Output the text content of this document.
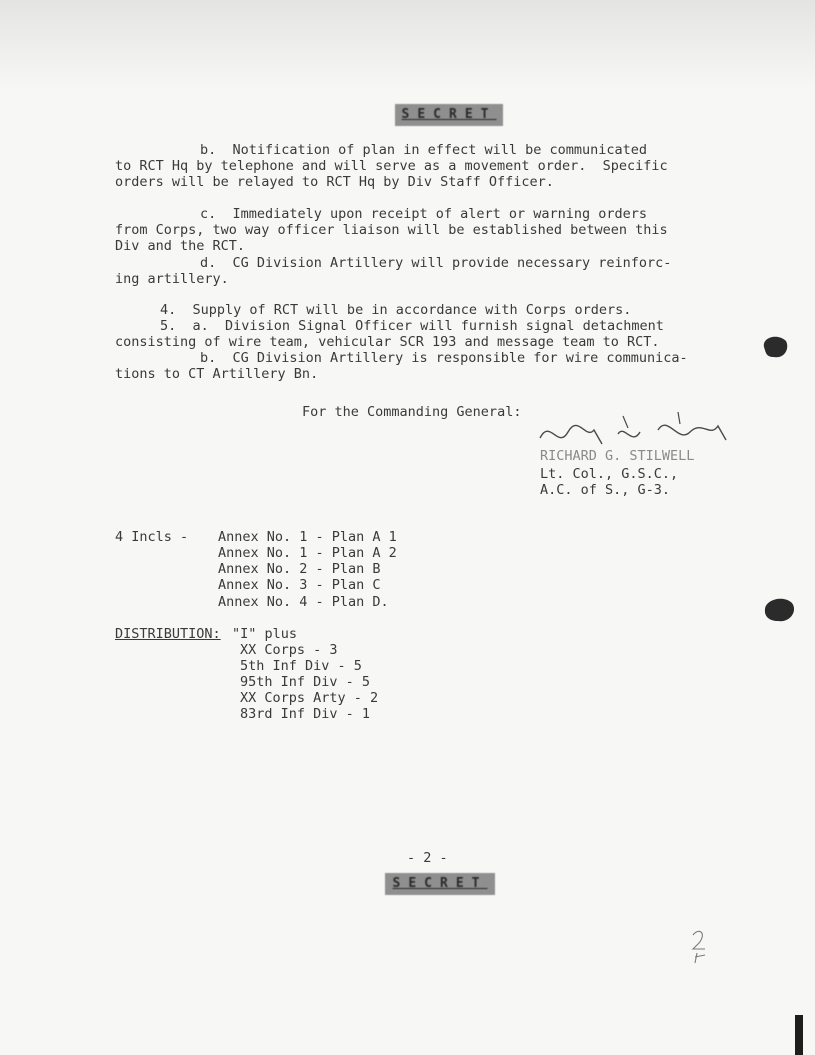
SECRET
b.  Notification of plan in effect will be communicated
to RCT Hq by telephone and will serve as a movement order.  Specific
orders will be relayed to RCT Hq by Div Staff Officer.
c.  Immediately upon receipt of alert or warning orders
from Corps, two way officer liaison will be established between this
Div and the RCT.
d.  CG Division Artillery will provide necessary reinforc-
ing artillery.
4.  Supply of RCT will be in accordance with Corps orders.
5.  a.  Division Signal Officer will furnish signal detachment
consisting of wire team, vehicular SCR 193 and message team to RCT.
b.  CG Division Artillery is responsible for wire communica-
tions to CT Artillery Bn.
For the Commanding General:
RICHARD G. STILWELL
Lt. Col., G.S.C.,
A.C. of S., G-3.
4 Incls - Annex No. 1 - Plan A 1
Annex No. 1 - Plan A 2
Annex No. 2 - Plan B
Annex No. 3 - Plan C
Annex No. 4 - Plan D.
DISTRIBUTION: "I" plus
XX Corps - 3
5th Inf Div - 5
95th Inf Div - 5
XX Corps Arty - 2
83rd Inf Div - 1
- 2 -
SECRET
